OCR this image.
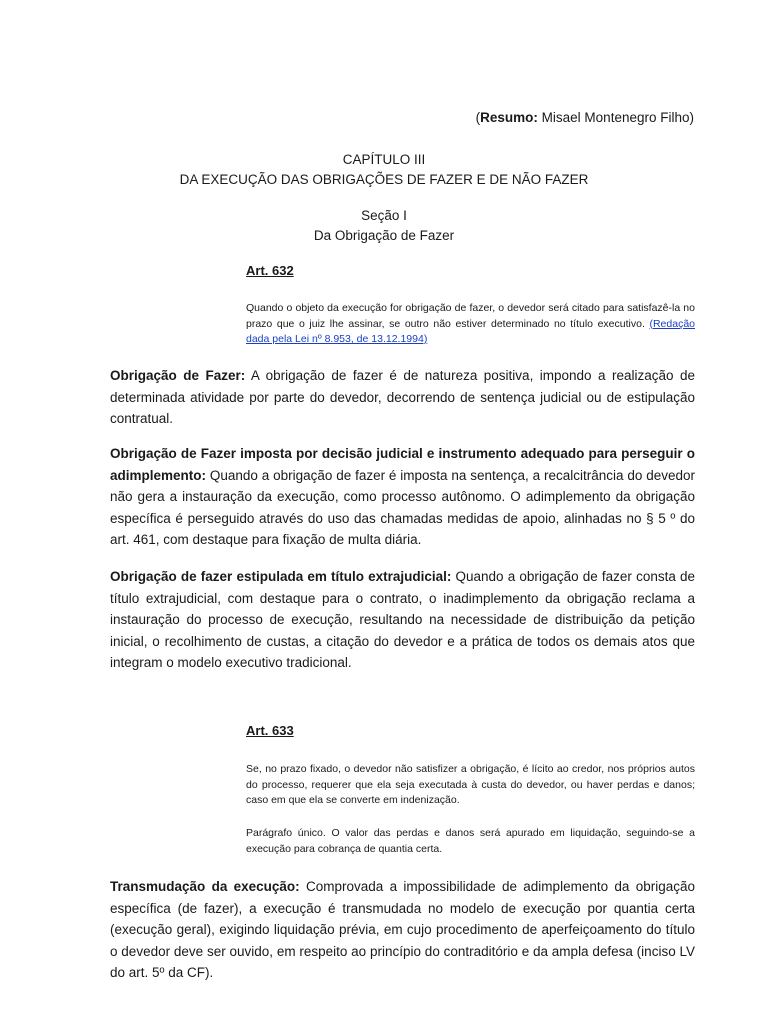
(Resumo: Misael Montenegro Filho)
CAPÍTULO III
DA EXECUÇÃO DAS OBRIGAÇÕES DE FAZER E DE NÃO FAZER
Seção I
Da Obrigação de Fazer
Art. 632
Quando o objeto da execução for obrigação de fazer, o devedor será citado para satisfazê-la no prazo que o juiz lhe assinar, se outro não estiver determinado no título executivo. (Redação dada pela Lei nº 8.953, de 13.12.1994)
Obrigação de Fazer: A obrigação de fazer é de natureza positiva, impondo a realização de determinada atividade por parte do devedor, decorrendo de sentença judicial ou de estipulação contratual.
Obrigação de Fazer imposta por decisão judicial e instrumento adequado para perseguir o adimplemento: Quando a obrigação de fazer é imposta na sentença, a recalcitrância do devedor não gera a instauração da execução, como processo autônomo. O adimplemento da obrigação específica é perseguido através do uso das chamadas medidas de apoio, alinhadas no § 5 º do art. 461, com destaque para fixação de multa diária.
Obrigação de fazer estipulada em título extrajudicial: Quando a obrigação de fazer consta de título extrajudicial, com destaque para o contrato, o inadimplemento da obrigação reclama a instauração do processo de execução, resultando na necessidade de distribuição da petição inicial, o recolhimento de custas, a citação do devedor e a prática de todos os demais atos que integram o modelo executivo tradicional.
Art. 633
Se, no prazo fixado, o devedor não satisfizer a obrigação, é lícito ao credor, nos próprios autos do processo, requerer que ela seja executada à custa do devedor, ou haver perdas e danos; caso em que ela se converte em indenização.
Parágrafo único. O valor das perdas e danos será apurado em liquidação, seguindo-se a execução para cobrança de quantia certa.
Transmudação da execução: Comprovada a impossibilidade de adimplemento da obrigação específica (de fazer), a execução é transmudada no modelo de execução por quantia certa (execução geral), exigindo liquidação prévia, em cujo procedimento de aperfeiçoamento do título o devedor deve ser ouvido, em respeito ao princípio do contraditório e da ampla defesa (inciso LV do art. 5º da CF).
